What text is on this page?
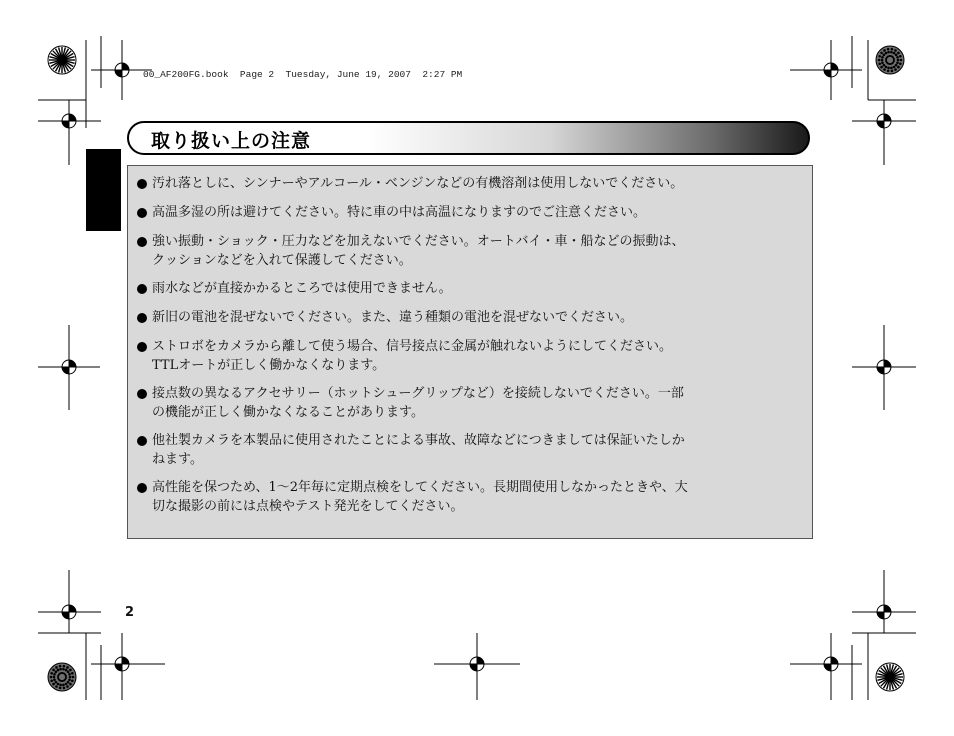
00_AF200FG.book  Page 2  Tuesday, June 19, 2007  2:27 PM
取り扱い上の注意
汚れ落としに、シンナーやアルコール・ベンジンなどの有機溶剤は使用しないでください。
高温多湿の所は避けてください。特に車の中は高温になりますのでご注意ください。
強い振動・ショック・圧力などを加えないでください。オートバイ・車・船などの振動は、
クッションなどを入れて保護してください。
雨水などが直接かかるところでは使用できません。
新旧の電池を混ぜないでください。また、違う種類の電池を混ぜないでください。
ストロボをカメラから離して使う場合、信号接点に金属が触れないようにしてください。
TTLオートが正しく働かなくなります。
接点数の異なるアクセサリー（ホットシューグリップなど）を接続しないでください。一部
の機能が正しく働かなくなることがあります。
他社製カメラを本製品に使用されたことによる事故、故障などにつきましては保証いたしか
ねます。
高性能を保つため、1～2年毎に定期点検をしてください。長期間使用しなかったときや、大
切な撮影の前には点検やテスト発光をしてください。
2
